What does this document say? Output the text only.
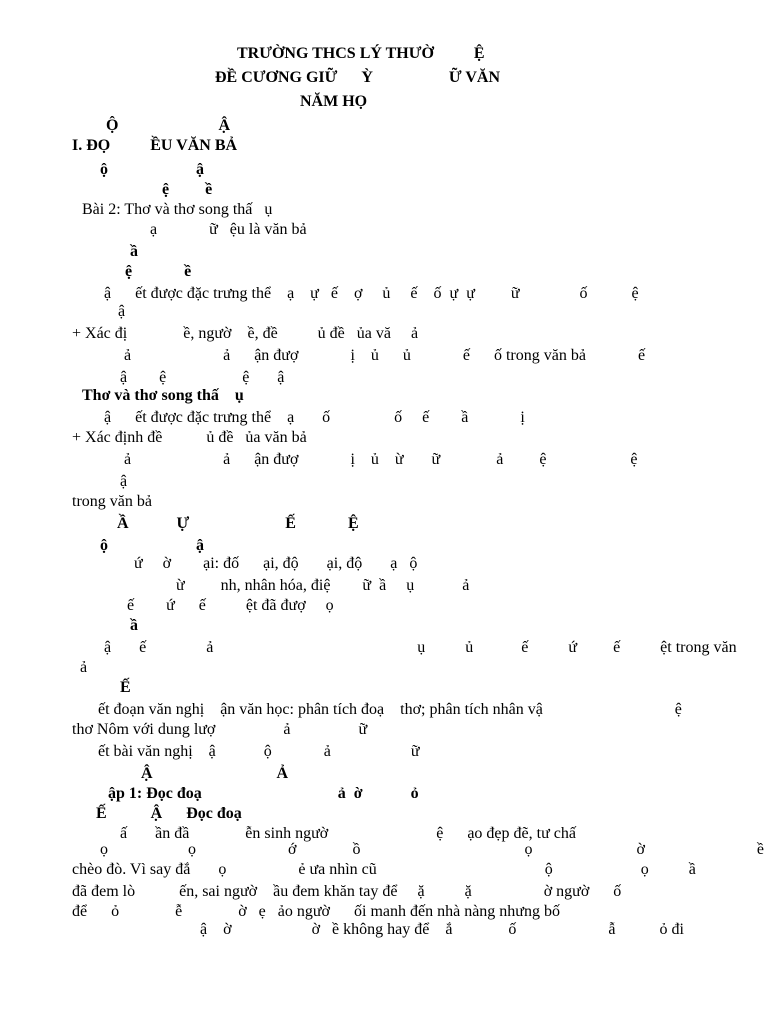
TRƯỜNG THCS LÝ THƯỜ          Ệ
ĐỀ CƯƠNG GIỮ      Ỳ                   Ữ VĂN
NĂM HỌ
Ộ                         Ậ
I. ĐỌ          ỀU VĂN BẢ
ộ                      ậ
ệ         ề
Bài 2: Thơ và thơ song thấ   ụ
ạ             ữ   ệu là văn bả
ầ
ệ             ề
ậ      ết được đặc trưng thể    ạ    ự   ế    ợ     ủ     ế    ố  ự  ự         ữ               ố           ệ
ậ
+ Xác đị              ề, ngườ    ề, đề          ủ đề   ủa vă     ả
ả                       ả      ận đượ             ị    ủ      ủ             ế      ố trong văn bả             ế
ậ        ệ                   ệ       ậ
Thơ và thơ song thấ    ụ
ậ      ết được đặc trưng thể    ạ       ố                ố     ế        ầ             ị
+ Xác định đề           ủ đề   ủa văn bả
ả                       ả      ận đượ             ị    ủ    ừ       ữ              ả         ệ                     ệ
ậ
trong văn bả
Ầ            Ự                        Ế             Ệ
ộ                      ậ
ứ     ờ        ại: đố      ại, độ       ại, độ       ạ   ộ
ừ         nh, nhân hóa, điệ        ữ  ầ     ụ            ả
ế        ứ      ế          ệt đã đượ     ọ
ầ
ậ       ế               ả                                                   ụ          ủ            ế          ứ         ế          ệt trong văn
ả
Ế
ết đoạn văn nghị    ận văn học: phân tích đoạ    thơ; phân tích nhân vậ                                 ệ
thơ Nôm với dung lượ                 ả                 ữ
ết bài văn nghị    ậ            ộ             ả                    ữ
Ậ                               Ả
ập 1: Đọc đoạ                                  ả  ờ            ỏ
Ế           Ậ      Đọc đoạ
ấ       ần đầ              ễn sinh ngườ                           ệ      ạo đẹp đẽ, tư chấ
ọ                    ọ                       ớ              ồ                                         ọ                          ờ                            ề
chèo đò. Vì say đắ       ọ                  ẻ ưa nhìn cũ                                          ộ                      ọ          ầ
đã đem lò           ến, sai ngườ    ầu đem khăn tay để     ặ          ặ                  ờ ngườ      ố
để      ỏ              ễ              ờ   ẹ   ảo ngườ      ối manh đến nhà nàng nhưng bố
ậ    ờ                    ờ   ề không hay để    ắ              ố                       ẫ           ỏ đi
